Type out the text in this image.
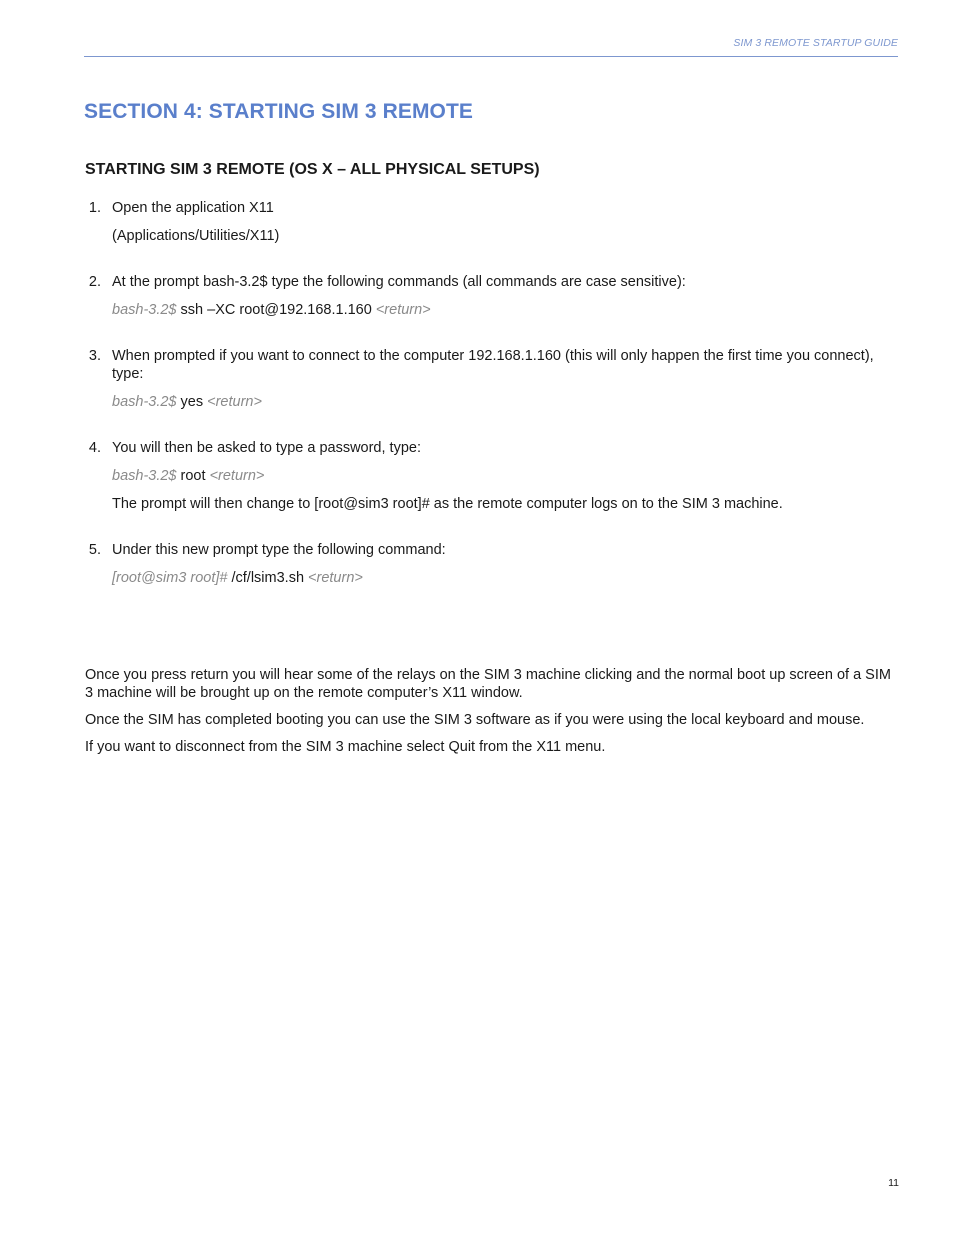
SIM 3 REMOTE STARTUP GUIDE
SECTION 4: STARTING SIM 3 REMOTE
STARTING SIM 3 REMOTE (OS X – ALL PHYSICAL SETUPS)
1. Open the application X11

(Applications/Utilities/X11)

2. At the prompt bash-3.2$ type the following commands (all commands are case sensitive):

bash-3.2$ ssh –XC root@192.168.1.160 <return>

3. When prompted if you want to connect to the computer 192.168.1.160 (this will only happen the first time you connect), type:

bash-3.2$ yes <return>

4. You will then be asked to type a password, type:

bash-3.2$ root <return>

The prompt will then change to [root@sim3 root]# as the remote computer logs on to the SIM 3 machine.

5. Under this new prompt type the following command:

[root@sim3 root]# /cf/lsim3.sh <return>

Once you press return you will hear some of the relays on the SIM 3 machine clicking and the normal boot up screen of a SIM 3 machine will be brought up on the remote computer’s X11 window.

Once the SIM has completed booting you can use the SIM 3 software as if you were using the local keyboard and mouse.

If you want to disconnect from the SIM 3 machine select Quit from the X11 menu.

11
